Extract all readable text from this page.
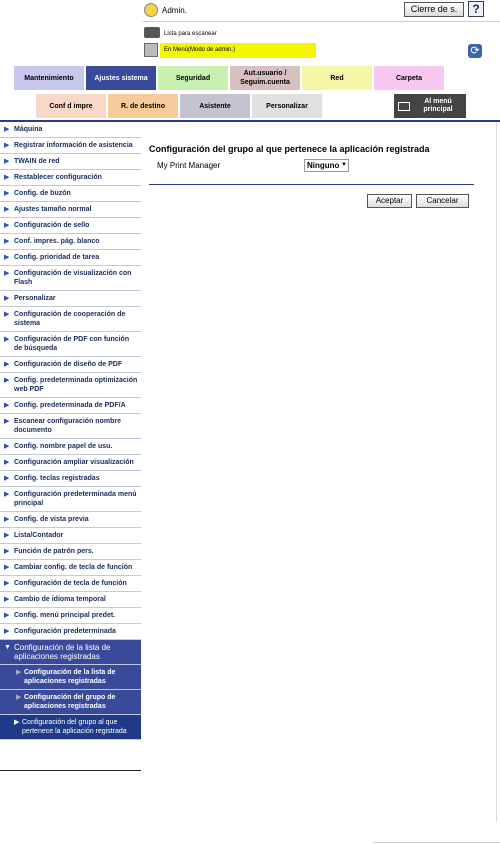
Admin.	Cierre de s.	?
Lista para escanear
En Menú(Modo de admin.)	⟳
Mantenimiento	Ajustes sistema	Seguridad
Aut.usuario / Seguim.cuenta
Red	Carpeta
Conf d impre	R. de destino	Asistente	Personalizar
Al menú principal
▶ Máquina
▶ Registrar información de asistencia
▶ TWAIN de red
▶ Restablecer configuración
▶ Config. de buzón
▶ Ajustes tamaño normal
▶ Configuración de sello
▶ Conf. impres. pág. blanco
▶ Config. prioridad de tarea
▶ Configuración de visualización con Flash
▶ Personalizar
▶ Configuración de cooperación de sistema
▶ Configuración de PDF con función de búsqueda
▶ Configuración de diseño de PDF
▶ Config. predeterminada optimización web PDF
▶ Config. predeterminada de PDF/A
▶ Escanear configuración nombre documento
▶ Config. nombre papel de usu.
▶ Configuración ampliar visualización
▶ Config. teclas registradas
▶ Configuración predeterminada menú principal
▶ Config. de vista previa
▶ Lista/Contador
▶ Función de patrón pers.
▶ Cambiar config. de tecla de función
▶ Configuración de tecla de función
▶ Cambio de idioma temporal
▶ Config. menú principal predet.
▶ Configuración predeterminada
▼ Configuración de la lista de aplicaciones registradas
▶ Configuración de la lista de aplicaciones registradas
▶ Configuración del grupo de aplicaciones registradas
▶ Configuración del grupo al que pertenece la aplicación registrada
Configuración del grupo al que pertenece la aplicación registrada
My Print Manager	Ninguno ▼
Aceptar	Cancelar
